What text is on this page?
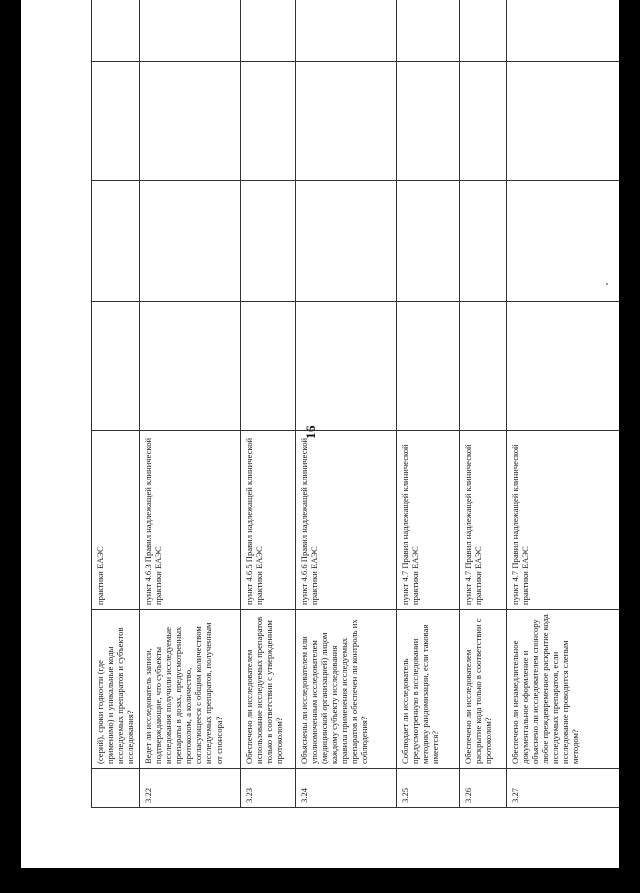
16
	(серий), сроки годности (где применимо) и уникальные коды исследуемых препаратов и субъектов исследования?	практики ЕАЭС				
3.22	Ведет ли исследователь записи, подтверждающие, что субъекты исследования получили исследуемые препараты в дозах, предусмотренных протоколом, а количество, согласующееся с общим количеством исследуемых препаратов, полученным от спонсора?	пункт 4.6.3 Правил надлежащей клинической практики ЕАЭС				
3.23	Обеспечено ли исследователем использование исследуемых препаратов только в соответствии с утвержденным протоколом?	пункт 4.6.5 Правил надлежащей клинической практики ЕАЭС				
3.24	Объяснены ли исследователем или уполномоченным исследователем (медицинской организацией) лицом каждому субъекту исследования правила применения исследуемых препаратов и обеспечен ли контроль их соблюдения?	пункт 4.6.6 Правил надлежащей клинической практики ЕАЭС				
3.25	Соблюдает ли исследователь предусмотренную в исследовании методику рандомизации, если таковая имеется?	пункт 4.7 Правил надлежащей клинической практики ЕАЭС				
3.26	Обеспечено ли исследователем раскрытие кода только в соответствии с протоколом?	пункт 4.7 Правил надлежащей клинической практики ЕАЭС				
3.27	Обеспечено ли незамедлительное документальное оформление и объяснено ли исследователем спонсору любое преждевременное раскрытие кода исследуемых препаратов, если исследование проводится слепым методом?	пункт 4.7 Правил надлежащей клинической практики ЕАЭС				
